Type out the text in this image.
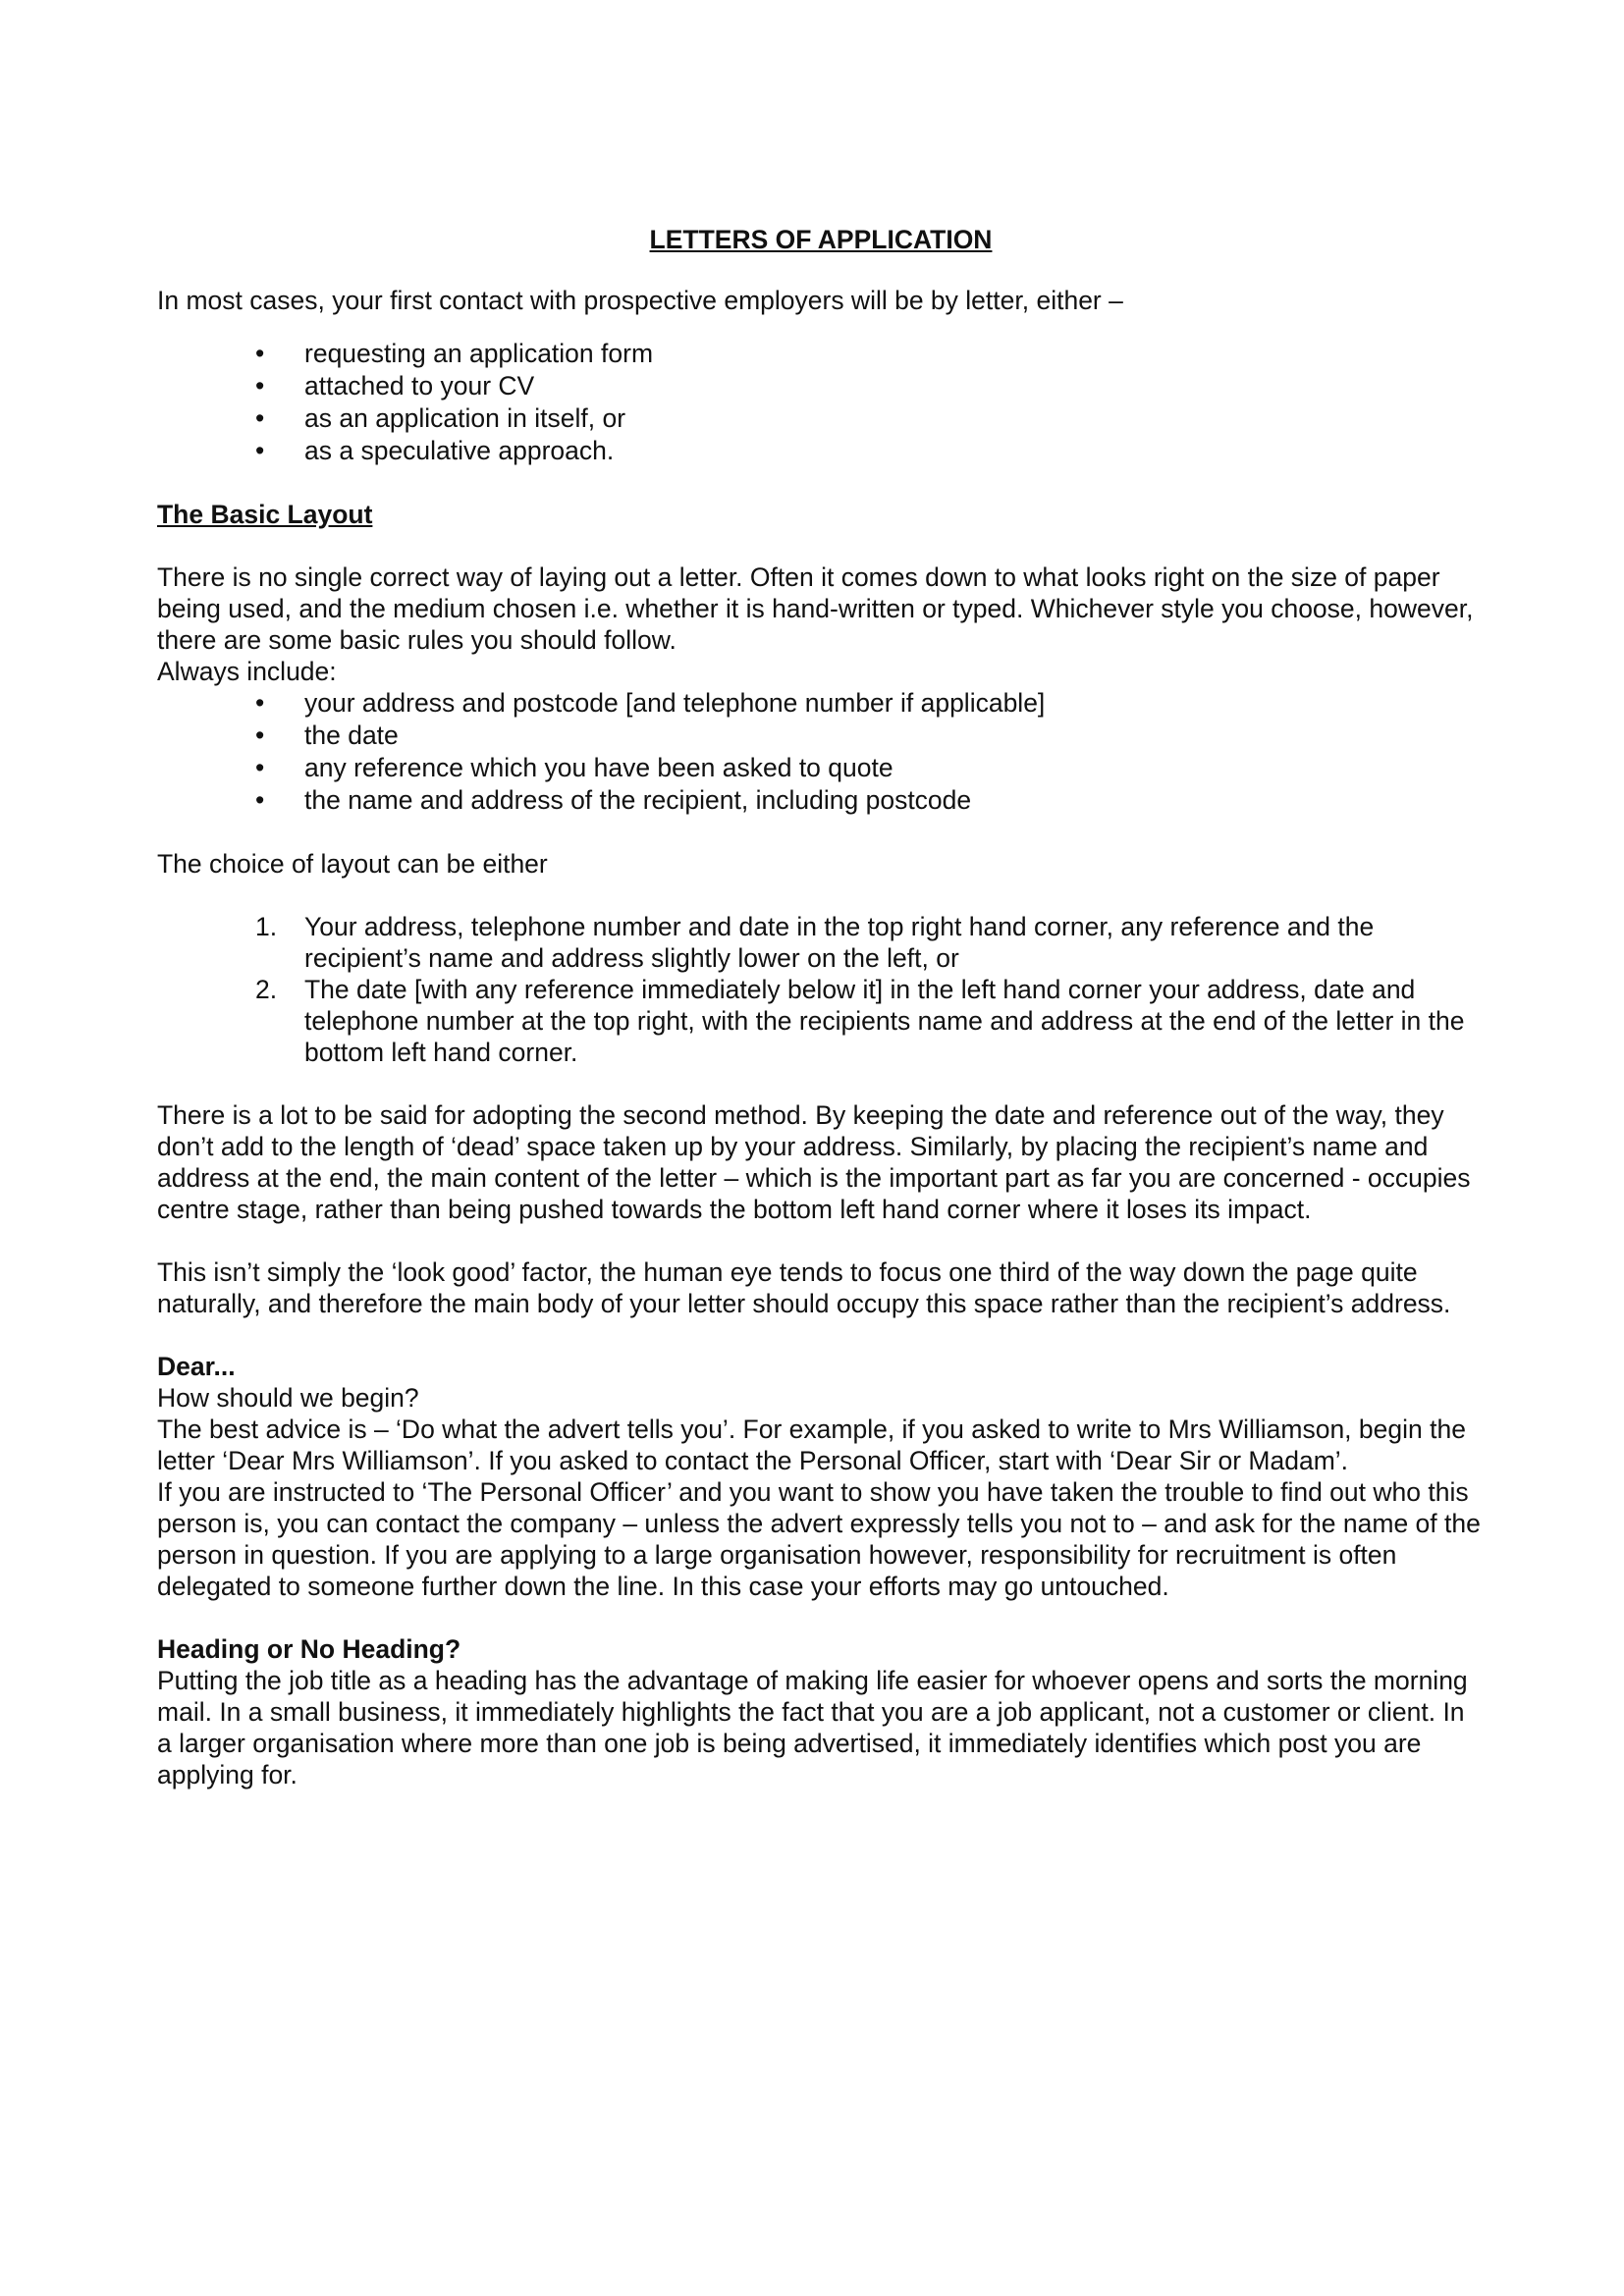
LETTERS OF APPLICATION

In most cases, your first contact with prospective employers will be by letter, either –

• requesting an application form
• attached to your CV
• as an application in itself, or
• as a speculative approach.

The Basic Layout

There is no single correct way of laying out a letter. Often it comes down to what looks right on the size of paper being used, and the medium chosen i.e. whether it is hand-written or typed. Whichever style you choose, however, there are some basic rules you should follow.

Always include:

• your address and postcode [and telephone number if applicable]
• the date
• any reference which you have been asked to quote
• the name and address of the recipient, including postcode

The choice of layout can be either

1. Your address, telephone number and date in the top right hand corner, any reference and the recipient’s name and address slightly lower on the left, or
2. The date [with any reference immediately below it] in the left hand corner your address, date and telephone number at the top right, with the recipients name and address at the end of the letter in the bottom left hand corner.

There is a lot to be said for adopting the second method. By keeping the date and reference out of the way, they don’t add to the length of ‘dead’ space taken up by your address. Similarly, by placing the recipient’s name and address at the end, the main content of the letter – which is the important part as far you are concerned - occupies centre stage, rather than being pushed towards the bottom left hand corner where it loses its impact.

This isn’t simply the ‘look good’ factor, the human eye tends to focus one third of the way down the page quite naturally, and therefore the main body of your letter should occupy this space rather than the recipient’s address.

Dear...

How should we begin?

The best advice is – ‘Do what the advert tells you’. For example, if you asked to write to Mrs Williamson, begin the letter ‘Dear Mrs Williamson’. If you asked to contact the Personal Officer, start with ‘Dear Sir or Madam’.

If you are instructed to ‘The Personal Officer’ and you want to show you have taken the trouble to find out who this person is, you can contact the company – unless the advert expressly tells you not to – and ask for the name of the person in question. If you are applying to a large organisation however, responsibility for recruitment is often delegated to someone further down the line. In this case your efforts may go untouched.

Heading or No Heading?

Putting the job title as a heading has the advantage of making life easier for whoever opens and sorts the morning mail. In a small business, it immediately highlights the fact that you are a job applicant, not a customer or client. In a larger organisation where more than one job is being advertised, it immediately identifies which post you are applying for.
